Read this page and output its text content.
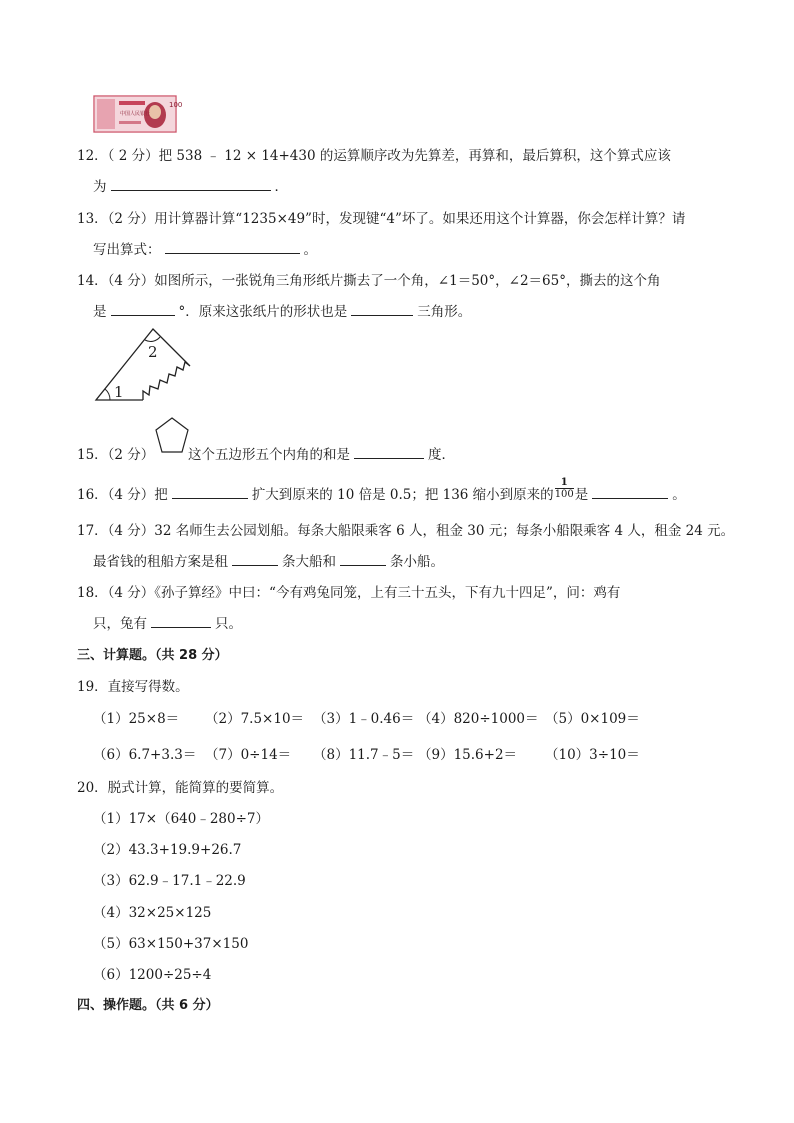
100
中国人民银行
12．（ 2 分）把 538 ﹣ 12 × 14+430 的运算顺序改为先算差，再算和，最后算积，这个算式应该
为	．
13．（2 分）用计算器计算“1235×49”时，发现键“4”坏了。如果还用这个计算器，你会怎样计算？请
写出算式：	。
14．（4 分）如图所示，一张锐角三角形纸片撕去了一个角，∠1＝50°，∠2＝65°，撕去的这个角
是	°．原来这张纸片的形状也是	三角形。
1
2
15．（2 分） 这个五边形五个内角的和是	度．
16．（4 分）把	扩大到原来的 10 倍是 0.5；把 136 缩小到原来的 $\frac{1}{100}$ 是	。
17．（4 分）32 名师生去公园划船。每条大船限乘客 6 人，租金 30 元；每条小船限乘客 4 人，租金 24 元。
最省钱的租船方案是租	条大船和	条小船。
18．（4 分）《孙子算经》中曰：“今有鸡兔同笼，上有三十五头，下有九十四足”，问：鸡有
只，兔有	只。
三、计算题。（共 28 分）
19．直接写得数。
（1）25×8＝ （2）7.5×10＝ （3）1﹣0.46＝ （4）820÷1000＝ （5）0×109＝
（6）6.7+3.3＝ （7）0÷14＝ （8）11.7﹣5＝ （9）15.6+2＝ （10）3÷10＝
20．脱式计算，能简算的要简算。
（1）17×（640﹣280÷7）
（2）43.3+19.9+26.7
（3）62.9﹣17.1﹣22.9
（4）32×25×125
（5）63×150+37×150
（6）1200÷25÷4
四、操作题。（共 6 分）
